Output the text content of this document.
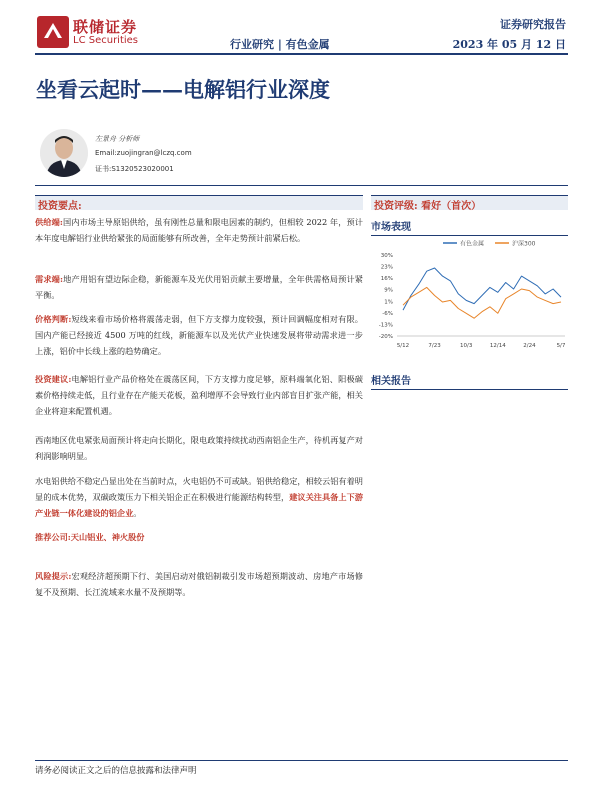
联储证券
LC Securities	行业研究 | 有色金属
证券研究报告
2023 年 05 月 12 日
坐看云起时——电解铝行业深度
左景舟 分析师
Email:zuojingran@lczq.com
证书:S1320523020001
投资要点:
供给端:国内市场主导原铝供给，虽有刚性总量和限电因素的制约，但相较 2022 年，预计本年度电解铝行业供给紧张的局面能够有所改善，全年走势预计前紧后松。
需求端:地产用铝有望边际企稳，新能源车及光伏用铝贡献主要增量，全年供需格局预计紧平衡。
价格判断:短线来看市场价格将震荡走弱，但下方支撑力度较强，预计回调幅度相对有限。国内产能已经接近 4500 万吨的红线，新能源车以及光伏产业快速发展将带动需求进一步上涨，铝价中长线上涨的趋势确定。
投资建议:电解铝行业产品价格处在震荡区间，下方支撑力度足够，原料端氧化铝、阳极碳素价格持续走低，且行业存在产能天花板，盈利增厚不会导致行业内部盲目扩张产能，相关企业将迎来配置机遇。
西南地区优电紧张局面预计将走向长期化，限电政策持续扰动西南铝企生产，待机再复产对利润影响明显。
水电铝供给不稳定凸显出处在当前时点，火电铝仍不可或缺。铝供给稳定，相较云铝有着明显的成本优势，双碳政策压力下相关铝企正在积极进行能源结构转型，建议关注具备上下游产业链一体化建设的铝企业。
推荐公司:天山铝业、神火股份
风险提示:宏观经济超预期下行、美国启动对俄铝制裁引发市场超预期波动、房地产市场修复不及预期、长江流域来水量不及预期等。
投资评级: 看好（首次）
市场表现
有色金属	沪深300
30%
23%
16%
9%
1%
-6%
-13%
-20%
5/12	7/23	10/3	12/14	2/24	5/7
相关报告
请务必阅读正文之后的信息披露和法律声明
